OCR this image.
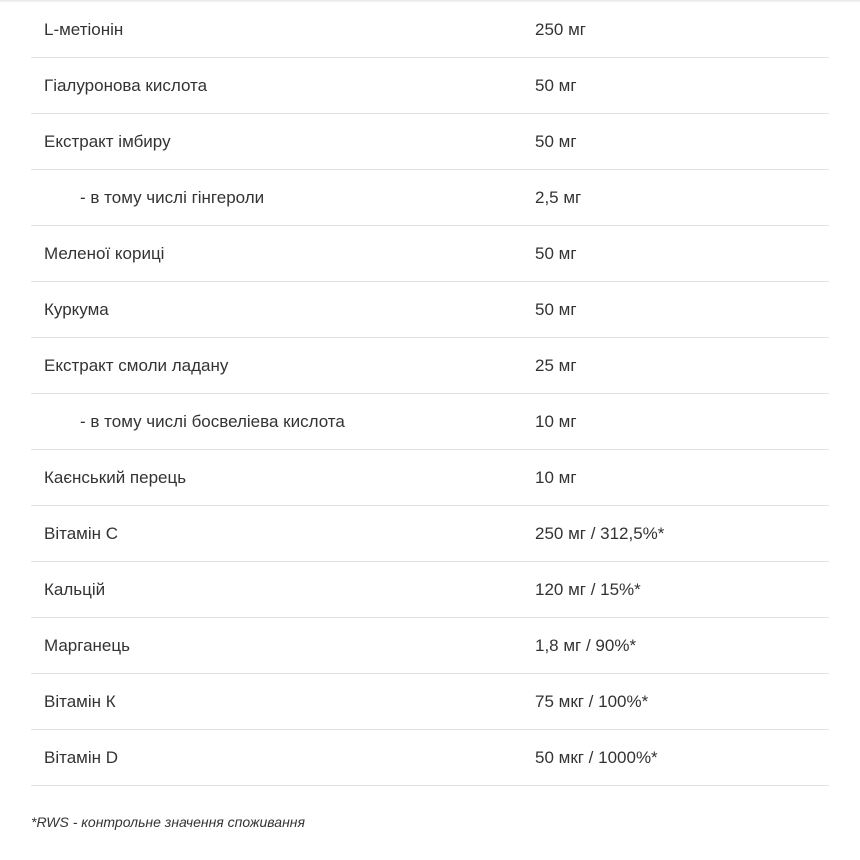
L-метіонін	250 мг
Гіалуронова кислота	50 мг
Екстракт імбиру	50 мг
- в тому числі гінгероли	2,5 мг
Меленої кориці	50 мг
Куркума	50 мг
Екстракт смоли ладану	25 мг
- в тому числі босвеліева кислота	10 мг
Каєнський перець	10 мг
Вітамін С	250 мг / 312,5%*
Кальцій	120 мг / 15%*
Марганець	1,8 мг / 90%*
Вітамін К	75 мкг / 100%*
Вітамін D	50 мкг / 1000%*
*RWS - контрольне значення споживання
